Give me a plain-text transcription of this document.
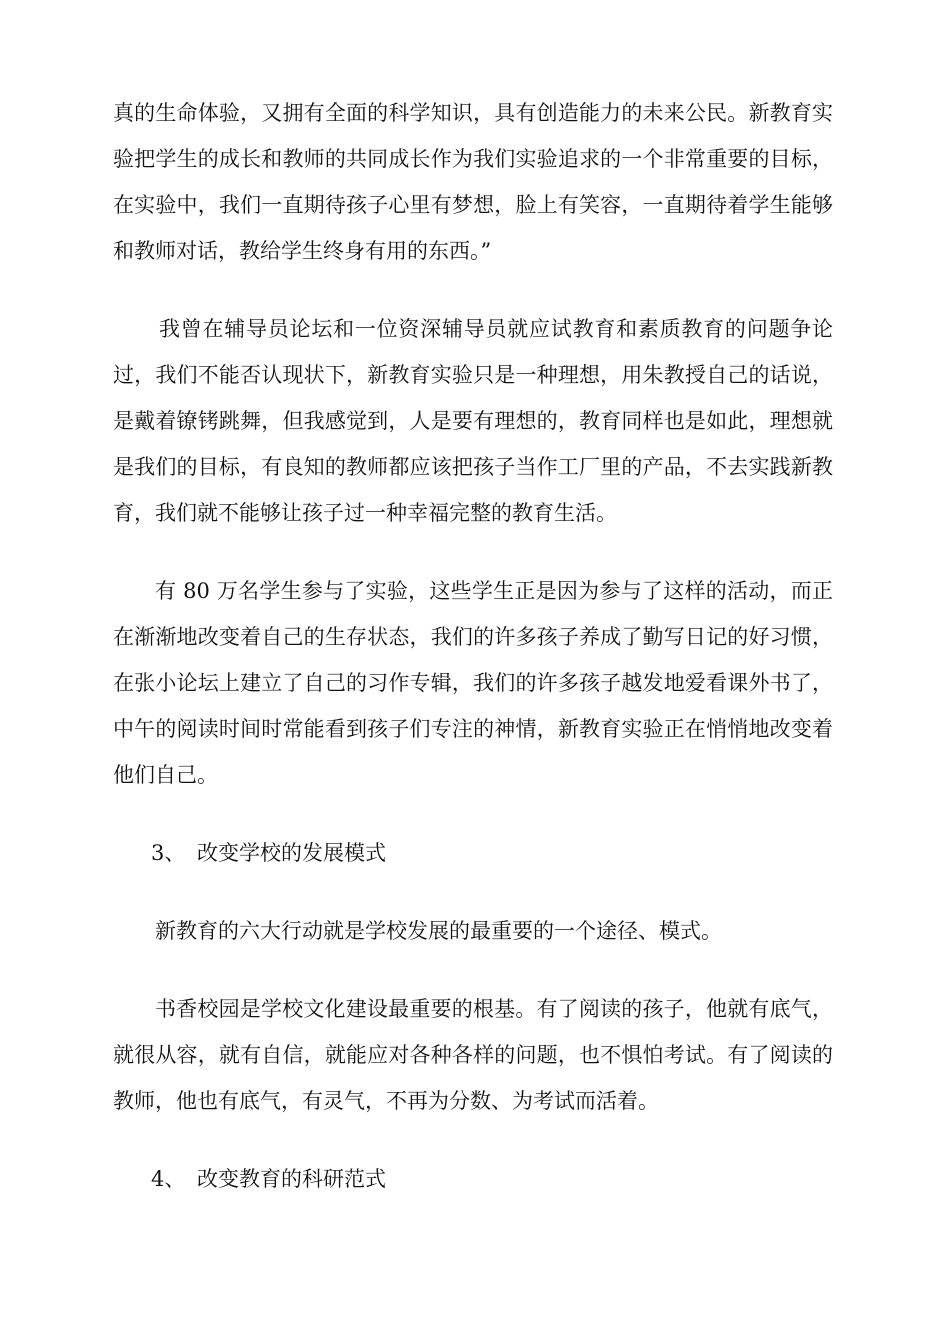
真的生命体验，又拥有全面的科学知识，具有创造能力的未来公民。新教育实验把学生的成长和教师的共同成长作为我们实验追求的一个非常重要的目标，在实验中，我们一直期待孩子心里有梦想，脸上有笑容，一直期待着学生能够和教师对话，教给学生终身有用的东西。”

我曾在辅导员论坛和一位资深辅导员就应试教育和素质教育的问题争论过，我们不能否认现状下，新教育实验只是一种理想，用朱教授自己的话说，是戴着镣铐跳舞，但我感觉到，人是要有理想的，教育同样也是如此，理想就是我们的目标，有良知的教师都应该把孩子当作工厂里的产品，不去实践新教育，我们就不能够让孩子过一种幸福完整的教育生活。

有 80 万名学生参与了实验，这些学生正是因为参与了这样的活动，而正在渐渐地改变着自己的生存状态，我们的许多孩子养成了勤写日记的好习惯，在张小论坛上建立了自己的习作专辑，我们的许多孩子越发地爱看课外书了，中午的阅读时间时常能看到孩子们专注的神情，新教育实验正在悄悄地改变着他们自己。

3、 改变学校的发展模式

新教育的六大行动就是学校发展的最重要的一个途径、模式。

书香校园是学校文化建设最重要的根基。有了阅读的孩子，他就有底气，就很从容，就有自信，就能应对各种各样的问题，也不惧怕考试。有了阅读的教师，他也有底气，有灵气，不再为分数、为考试而活着。

4、 改变教育的科研范式
